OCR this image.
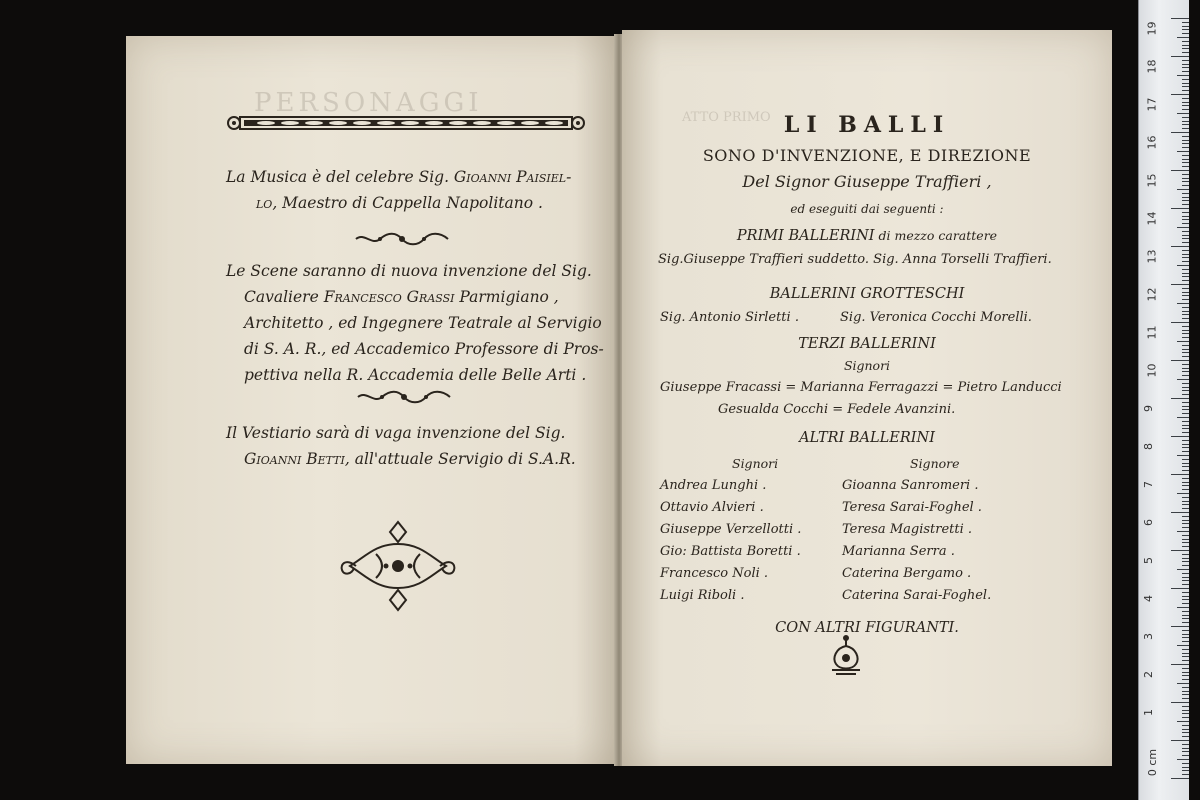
PERSONAGGI
La Musica è del celebre Sig. Gioanni Paisiel-
lo, Maestro di Cappella Napolitano .
Le Scene saranno di nuova invenzione del Sig.
Cavaliere Francesco Grassi Parmigiano ,
Architetto , ed Ingegnere Teatrale al Servigio
di S. A. R., ed Accademico Professore di Pros-
pettiva nella R. Accademia delle Belle Arti .
Il Vestiario sarà di vaga invenzione del Sig.
Gioanni Betti, all'attuale Servigio di S.A.R.
ATTO PRIMO LI BALLI
SONO D'INVENZIONE, E DIREZIONE
Del Signor Giuseppe Traffieri ,
ed eseguiti dai seguenti :
PRIMI BALLERINI di mezzo carattere
Sig.Giuseppe Traffieri suddetto. Sig. Anna Torselli Traffieri.
BALLERINI GROTTESCHI
Sig. Antonio Sirletti .	Sig. Veronica Cocchi Morelli.
TERZI BALLERINI
Signori
Giuseppe Fracassi = Marianna Ferragazzi = Pietro Landucci
Gesualda Cocchi = Fedele Avanzini.
ALTRI BALLERINI
Signori	Signore
Andrea Lunghi .
Ottavio Alvieri .
Giuseppe Verzellotti .
Gio: Battista Boretti .
Francesco Noli .
Luigi Riboli .
Gioanna Sanromeri .
Teresa Sarai-Foghel .
Teresa Magistretti .
Marianna Serra .
Caterina Bergamo .
Caterina Sarai-Foghel.
CON ALTRI FIGURANTI.
19
18
17
16
15
14
13
12
11
10
9
8
7
6
5
4
3
2
1
0 cm
